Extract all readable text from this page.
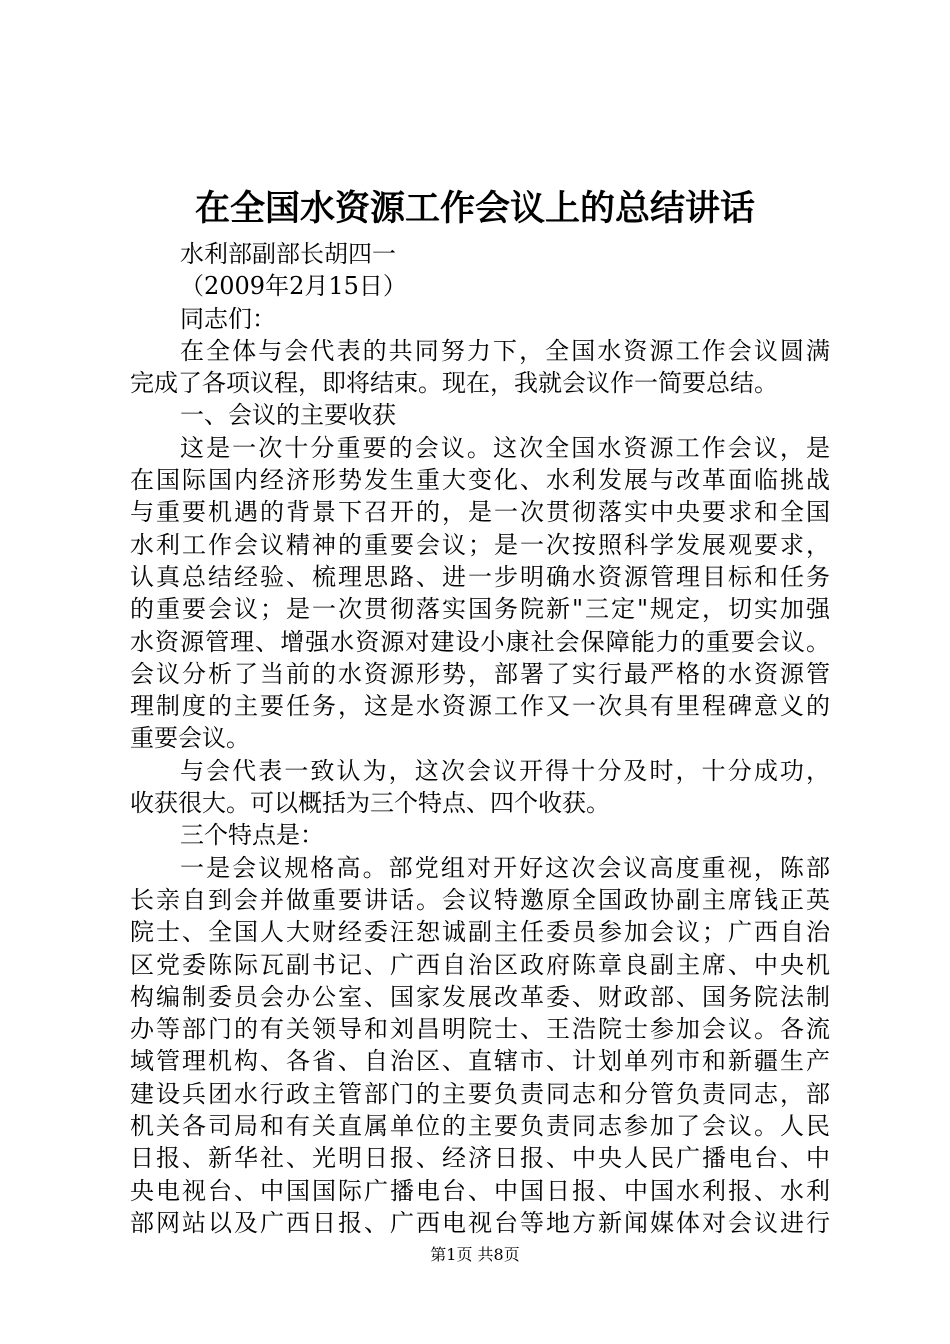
在全国水资源工作会议上的总结讲话
水利部副部长胡四一
（2009年2月15日）
同志们：
在全体与会代表的共同努力下，全国水资源工作会议圆满
完成了各项议程，即将结束。现在，我就会议作一简要总结。
一、会议的主要收获
这是一次十分重要的会议。这次全国水资源工作会议，是
在国际国内经济形势发生重大变化、水利发展与改革面临挑战
与重要机遇的背景下召开的，是一次贯彻落实中央要求和全国
水利工作会议精神的重要会议；是一次按照科学发展观要求，
认真总结经验、梳理思路、进一步明确水资源管理目标和任务
的重要会议；是一次贯彻落实国务院新"三定"规定，切实加强
水资源管理、增强水资源对建设小康社会保障能力的重要会议。
会议分析了当前的水资源形势，部署了实行最严格的水资源管
理制度的主要任务，这是水资源工作又一次具有里程碑意义的
重要会议。
与会代表一致认为，这次会议开得十分及时，十分成功，
收获很大。可以概括为三个特点、四个收获。
三个特点是：
一是会议规格高。部党组对开好这次会议高度重视，陈部
长亲自到会并做重要讲话。会议特邀原全国政协副主席钱正英
院士、全国人大财经委汪恕诚副主任委员参加会议；广西自治
区党委陈际瓦副书记、广西自治区政府陈章良副主席、中央机
构编制委员会办公室、国家发展改革委、财政部、国务院法制
办等部门的有关领导和刘昌明院士、王浩院士参加会议。各流
域管理机构、各省、自治区、直辖市、计划单列市和新疆生产
建设兵团水行政主管部门的主要负责同志和分管负责同志，部
机关各司局和有关直属单位的主要负责同志参加了会议。人民
日报、新华社、光明日报、经济日报、中央人民广播电台、中
央电视台、中国国际广播电台、中国日报、中国水利报、水利
部网站以及广西日报、广西电视台等地方新闻媒体对会议进行
第1页 共8页
